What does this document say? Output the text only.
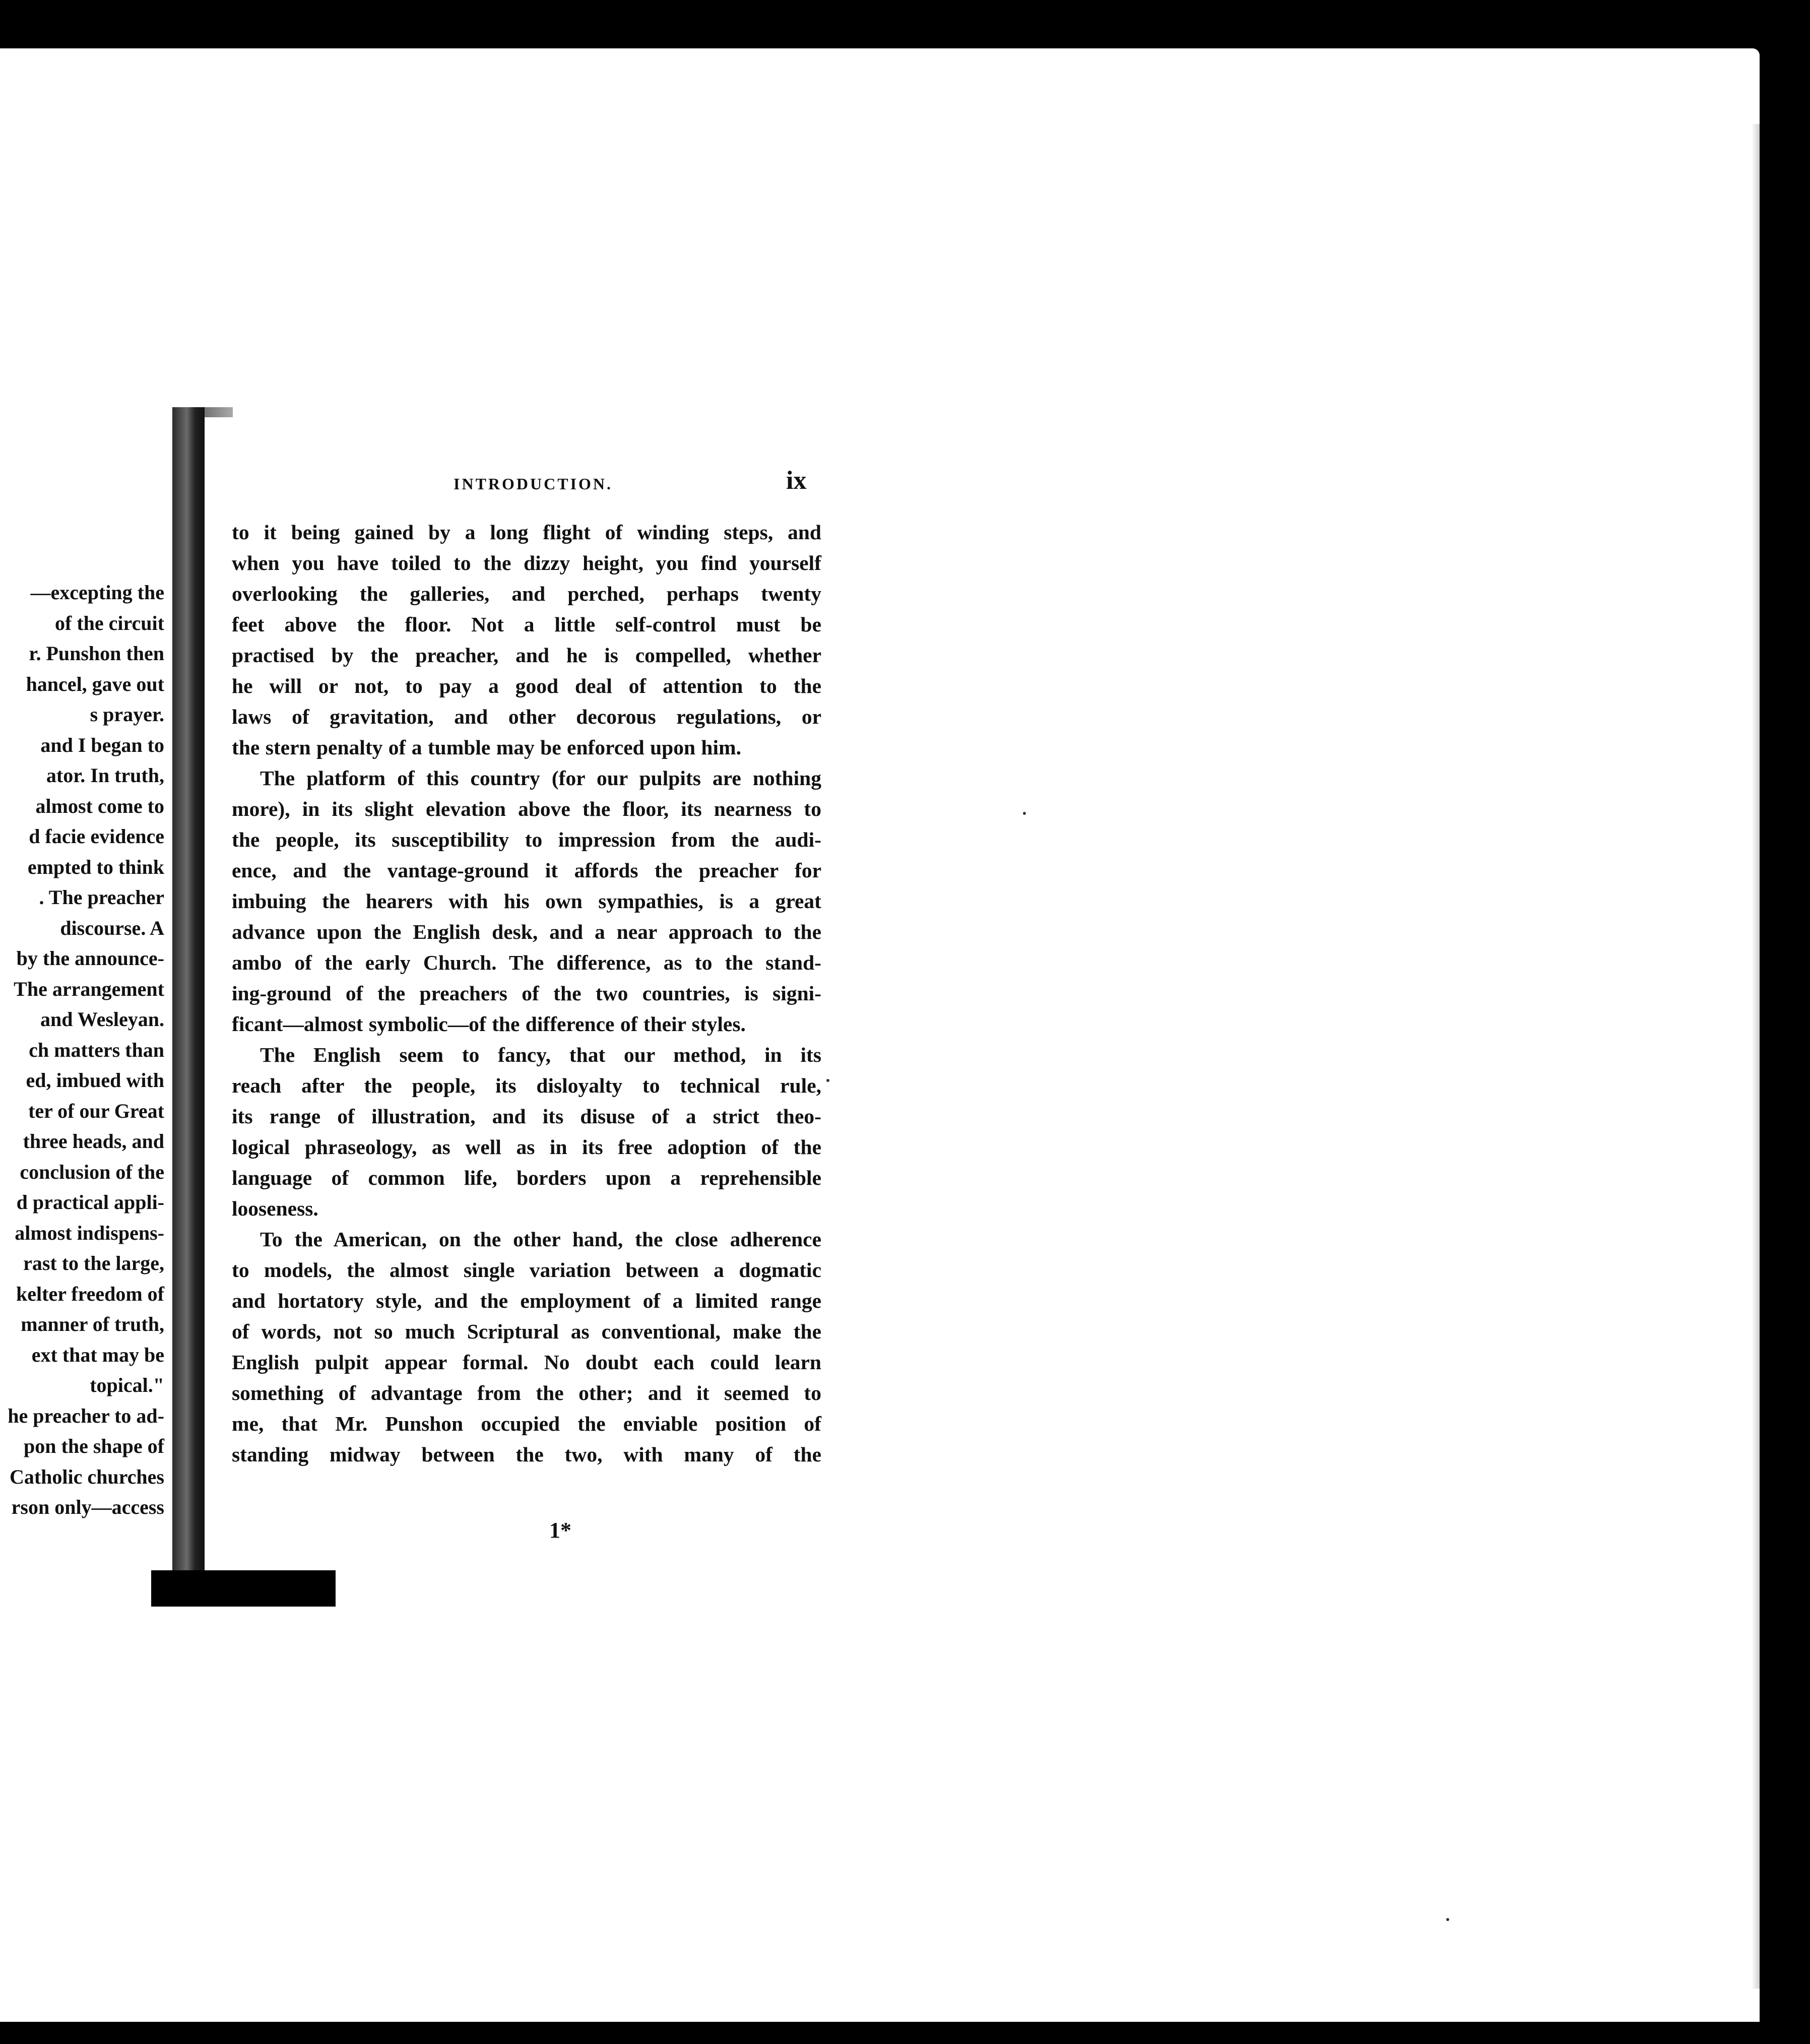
—excepting the
of the circuit
r. Punshon then
hancel, gave out
s prayer.
and I began to
ator. In truth,
almost come to
d facie evidence
empted to think
. The preacher
discourse. A
by the announce-
The arrangement
and Wesleyan.
ch matters than
ed, imbued with
ter of our Great
three heads, and
conclusion of the
d practical appli-
almost indispens-
rast to the large,
kelter freedom of
manner of truth,
ext that may be
topical."
he preacher to ad-
pon the shape of
Catholic churches
rson only—access
INTRODUCTION.	ix
to it being gained by a long flight of winding steps, and
when you have toiled to the dizzy height, you find yourself
overlooking the galleries, and perched, perhaps twenty
feet above the floor. Not a little self-control must be
practised by the preacher, and he is compelled, whether
he will or not, to pay a good deal of attention to the
laws of gravitation, and other decorous regulations, or
the stern penalty of a tumble may be enforced upon him.
The platform of this country (for our pulpits are nothing
more), in its slight elevation above the floor, its nearness to
the people, its susceptibility to impression from the audi-
ence, and the vantage-ground it affords the preacher for
imbuing the hearers with his own sympathies, is a great
advance upon the English desk, and a near approach to the
ambo of the early Church. The difference, as to the stand-
ing-ground of the preachers of the two countries, is signi-
ficant—almost symbolic—of the difference of their styles.
The English seem to fancy, that our method, in its
reach after the people, its disloyalty to technical rule,
its range of illustration, and its disuse of a strict theo-
logical phraseology, as well as in its free adoption of the
language of common life, borders upon a reprehensible
looseness.
To the American, on the other hand, the close adherence
to models, the almost single variation between a dogmatic
and hortatory style, and the employment of a limited range
of words, not so much Scriptural as conventional, make the
English pulpit appear formal. No doubt each could learn
something of advantage from the other; and it seemed to
me, that Mr. Punshon occupied the enviable position of
standing midway between the two, with many of the
1*
